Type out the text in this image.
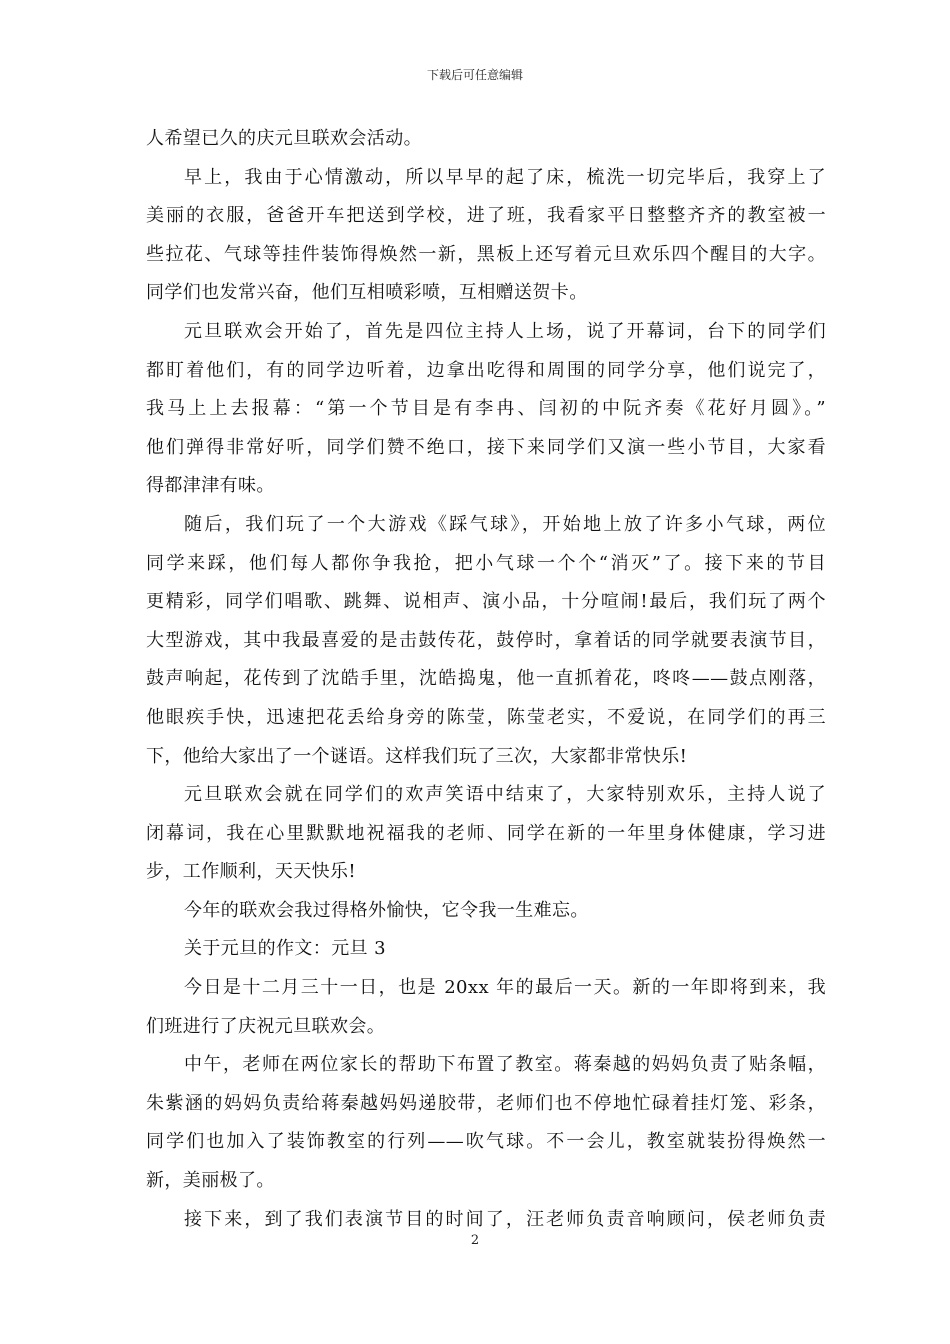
下载后可任意编辑
人希望已久的庆元旦联欢会活动。
早上，我由于心情激动，所以早早的起了床，梳洗一切完毕后，我穿上了
美丽的衣服，爸爸开车把送到学校，进了班，我看家平日整整齐齐的教室被一
些拉花、气球等挂件装饰得焕然一新，黑板上还写着元旦欢乐四个醒目的大字。
同学们也发常兴奋，他们互相喷彩喷，互相赠送贺卡。
元旦联欢会开始了，首先是四位主持人上场，说了开幕词，台下的同学们
都盯着他们，有的同学边听着，边拿出吃得和周围的同学分享，他们说完了，
我马上上去报幕：“第一个节目是有李冉、闫初的中阮齐奏《花好月圆》。”
他们弹得非常好听，同学们赞不绝口，接下来同学们又演一些小节目，大家看
得都津津有味。
随后，我们玩了一个大游戏《踩气球》，开始地上放了许多小气球，两位
同学来踩，他们每人都你争我抢，把小气球一个个“消灭”了。接下来的节目
更精彩，同学们唱歌、跳舞、说相声、演小品，十分喧闹!最后，我们玩了两个
大型游戏，其中我最喜爱的是击鼓传花，鼓停时，拿着话的同学就要表演节目，
鼓声响起，花传到了沈皓手里，沈皓捣鬼，他一直抓着花，咚咚——鼓点刚落，
他眼疾手快，迅速把花丢给身旁的陈莹，陈莹老实，不爱说，在同学们的再三
下，他给大家出了一个谜语。这样我们玩了三次，大家都非常快乐!
元旦联欢会就在同学们的欢声笑语中结束了，大家特别欢乐，主持人说了
闭幕词，我在心里默默地祝福我的老师、同学在新的一年里身体健康，学习进
步，工作顺利，天天快乐!
今年的联欢会我过得格外愉快，它令我一生难忘。
关于元旦的作文：元旦 3
今日是十二月三十一日，也是 20xx 年的最后一天。新的一年即将到来，我
们班进行了庆祝元旦联欢会。
中午，老师在两位家长的帮助下布置了教室。蒋秦越的妈妈负责了贴条幅，
朱紫涵的妈妈负责给蒋秦越妈妈递胶带，老师们也不停地忙碌着挂灯笼、彩条，
同学们也加入了装饰教室的行列——吹气球。不一会儿，教室就装扮得焕然一
新，美丽极了。
接下来，到了我们表演节目的时间了，汪老师负责音响顾问，侯老师负责
2
